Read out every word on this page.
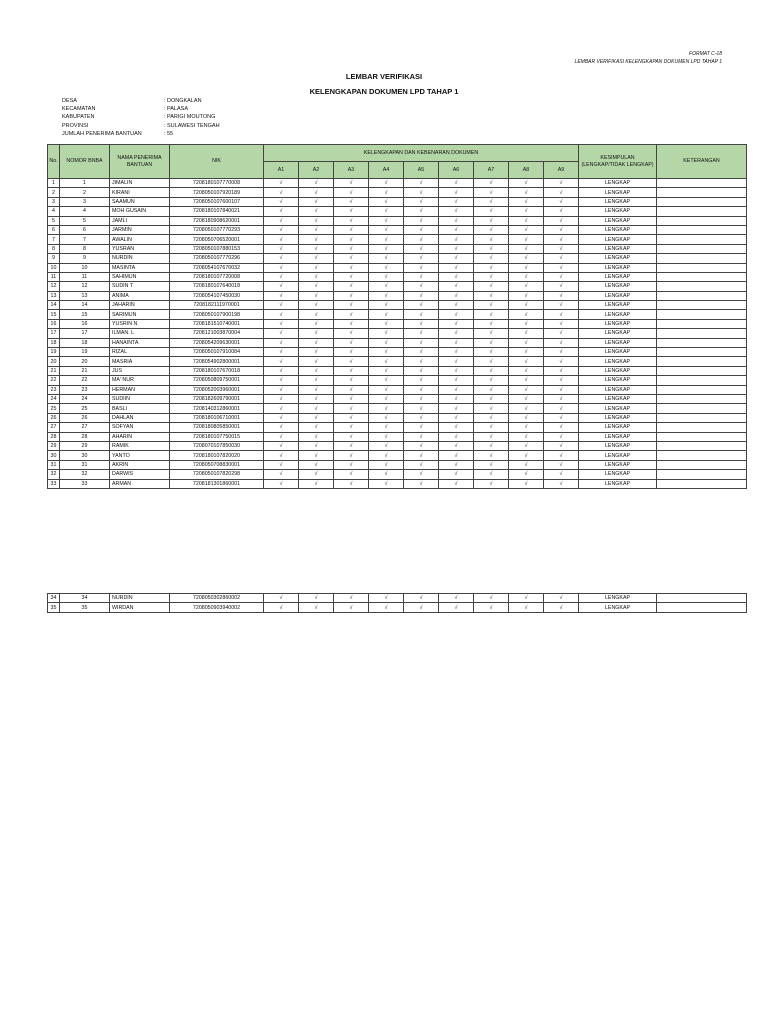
FORMAT C-18
LEMBAR VERIFIKASI KELENGKAPAN DOKUMEN LPD TAHAP 1
LEMBAR VERIFIKASI
KELENGKAPAN DOKUMEN LPD TAHAP 1
DESA	: DONGKALAN
KECAMATAN	: PALASA
KABUPATEN	: PARIGI MOUTONG
PROVINSI	: SULAWESI TENGAH
JUMLAH PENERIMA BANTUAN	: 55
No.	NOMOR BNBA	NAMA PENERIMA BANTUAN	NIK	KELENGKAPAN DAN KEBENARAN DOKUMEN									KESIMPULAN (LENGKAP/TIDAK LENGKAP)	KETERANGAN
				A1	A2	A3	A4	A5	A6	A7	A8	A9		
1	1	JIMALIN	7208180107770008	√	√	√	√	√	√	√	√	√	LENGKAP	
2	2	KIRANI	7208050107920189	√	√	√	√	√	√	√	√	√	LENGKAP	
3	3	SAAMUN	7208050107600107	√	√	√	√	√	√	√	√	√	LENGKAP	
4	4	MOH GUSAIN	7208180107840021	√	√	√	√	√	√	√	√	√	LENGKAP	
5	5	JAMLI	7208180908620001	√	√	√	√	√	√	√	√	√	LENGKAP	
6	6	JARMIN	7208050107770293	√	√	√	√	√	√	√	√	√	LENGKAP	
7	7	AWALIN	7208050706520001	√	√	√	√	√	√	√	√	√	LENGKAP	
8	8	YUSRAN	7208050107880153	√	√	√	√	√	√	√	√	√	LENGKAP	
9	9	NURDIN	7208050107770296	√	√	√	√	√	√	√	√	√	LENGKAP	
10	10	MASINTA	7208054107670032	√	√	√	√	√	√	√	√	√	LENGKAP	
11	11	SAHIMUN	7208180107720008	√	√	√	√	√	√	√	√	√	LENGKAP	
12	12	SUDIN T	7208180107640018	√	√	√	√	√	√	√	√	√	LENGKAP	
13	13	ANIMA	7208054107450030	√	√	√	√	√	√	√	√	√	LENGKAP	
14	14	JAHARIN	7208182111970001	√	√	√	√	√	√	√	√	√	LENGKAP	
15	15	SARIMUN	7208050107900198	√	√	√	√	√	√	√	√	√	LENGKAP	
16	16	YUSRIN N	7208181510740001	√	√	√	√	√	√	√	√	√	LENGKAP	
17	17	ILMAN. L	7208121003870004	√	√	√	√	√	√	√	√	√	LENGKAP	
18	18	HANAINTA	7208054209630001	√	√	√	√	√	√	√	√	√	LENGKAP	
19	19	RIZAL	7208050107910084	√	√	√	√	√	√	√	√	√	LENGKAP	
20	20	MASRIA	7208054902800001	√	√	√	√	√	√	√	√	√	LENGKAP	
21	21	JUS	7208180107670018	√	√	√	√	√	√	√	√	√	LENGKAP	
22	22	MA' NUR	7208050809750001	√	√	√	√	√	√	√	√	√	LENGKAP	
23	23	HERMAN	7208052003960001	√	√	√	√	√	√	√	√	√	LENGKAP	
24	24	SUDIIN	7208182609790001	√	√	√	√	√	√	√	√	√	LENGKAP	
25	25	BASLI	7208140312860001	√	√	√	√	√	√	√	√	√	LENGKAP	
26	26	DAHLAN	7208180106710001	√	√	√	√	√	√	√	√	√	LENGKAP	
27	27	SOFYAN	7208180805850001	√	√	√	√	√	√	√	√	√	LENGKAP	
28	28	AHARIN	7208180107750015	√	√	√	√	√	√	√	√	√	LENGKAP	
29	29	RAMIK	7208070107850030	√	√	√	√	√	√	√	√	√	LENGKAP	
30	30	YANTO	7208180107820020	√	√	√	√	√	√	√	√	√	LENGKAP	
31	31	AKRIN	7208050708830001	√	√	√	√	√	√	√	√	√	LENGKAP	
32	32	DARWIS	7208050107820298	√	√	√	√	√	√	√	√	√	LENGKAP	
33	33	ARMAN	7208181301860001	√	√	√	√	√	√	√	√	√	LENGKAP	
34	34	NURDIN	7208050302860002	√	√	√	√	√	√	√	√	√	LENGKAP	
35	35	WIRDAN	7208050903940002	√	√	√	√	√	√	√	√	√	LENGKAP	
